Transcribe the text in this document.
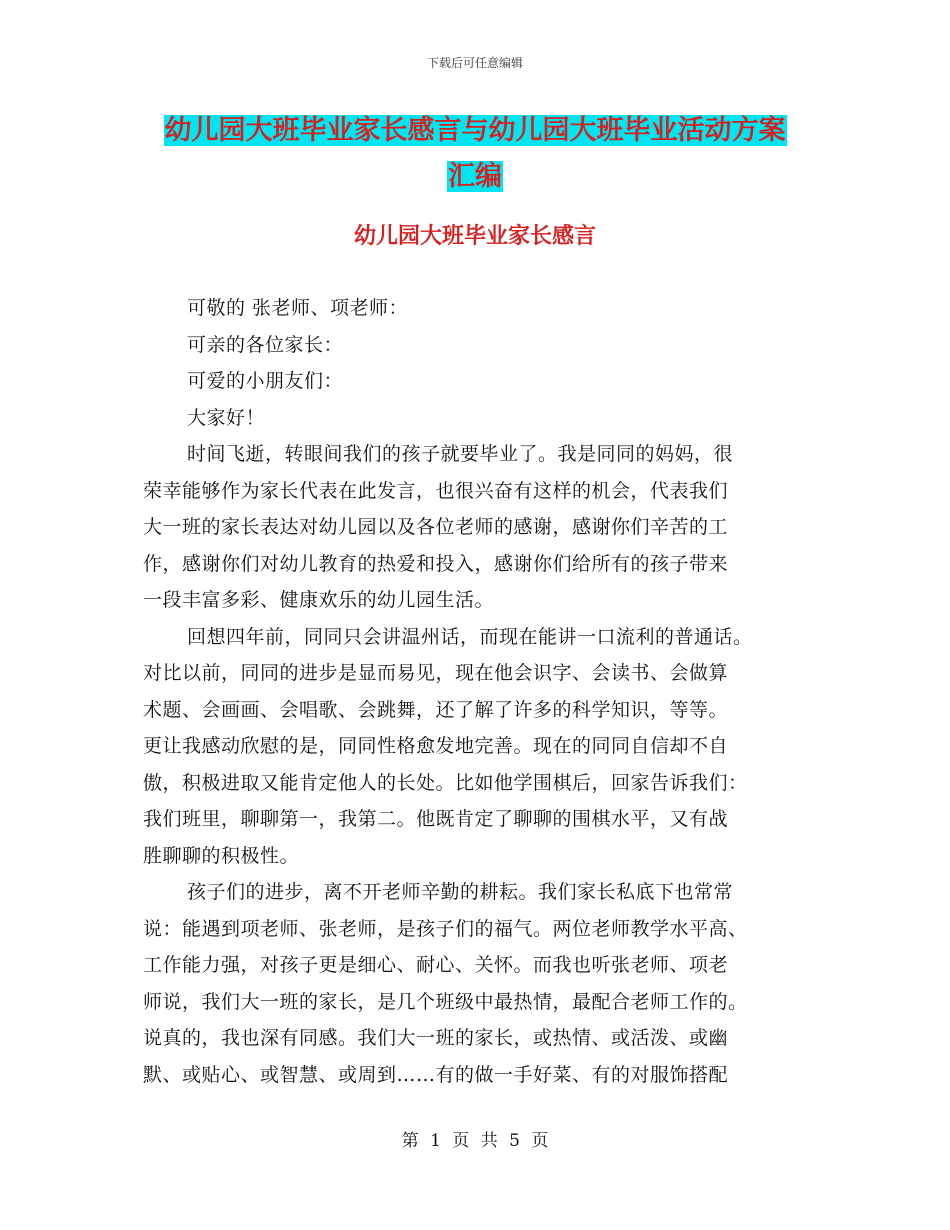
下载后可任意编辑
幼儿园大班毕业家长感言与幼儿园大班毕业活动方案
汇编
幼儿园大班毕业家长感言
可敬的 张老师、项老师：
可亲的各位家长：
可爱的小朋友们：
大家好！
时间飞逝，转眼间我们的孩子就要毕业了。我是同同的妈妈，很
荣幸能够作为家长代表在此发言，也很兴奋有这样的机会，代表我们
大一班的家长表达对幼儿园以及各位老师的感谢，感谢你们辛苦的工
作，感谢你们对幼儿教育的热爱和投入，感谢你们给所有的孩子带来
一段丰富多彩、健康欢乐的幼儿园生活。
回想四年前，同同只会讲温州话，而现在能讲一口流利的普通话。
对比以前，同同的进步是显而易见，现在他会识字、会读书、会做算
术题、会画画、会唱歌、会跳舞，还了解了许多的科学知识，等等。
更让我感动欣慰的是，同同性格愈发地完善。现在的同同自信却不自
傲，积极进取又能肯定他人的长处。比如他学围棋后，回家告诉我们：
我们班里，聊聊第一，我第二。他既肯定了聊聊的围棋水平，又有战
胜聊聊的积极性。
孩子们的进步，离不开老师辛勤的耕耘。我们家长私底下也常常
说：能遇到项老师、张老师，是孩子们的福气。两位老师教学水平高、
工作能力强，对孩子更是细心、耐心、关怀。而我也听张老师、项老
师说，我们大一班的家长，是几个班级中最热情，最配合老师工作的。
说真的，我也深有同感。我们大一班的家长，或热情、或活泼、或幽
默、或贴心、或智慧、或周到……有的做一手好菜、有的对服饰搭配
第 1 页 共 5 页
